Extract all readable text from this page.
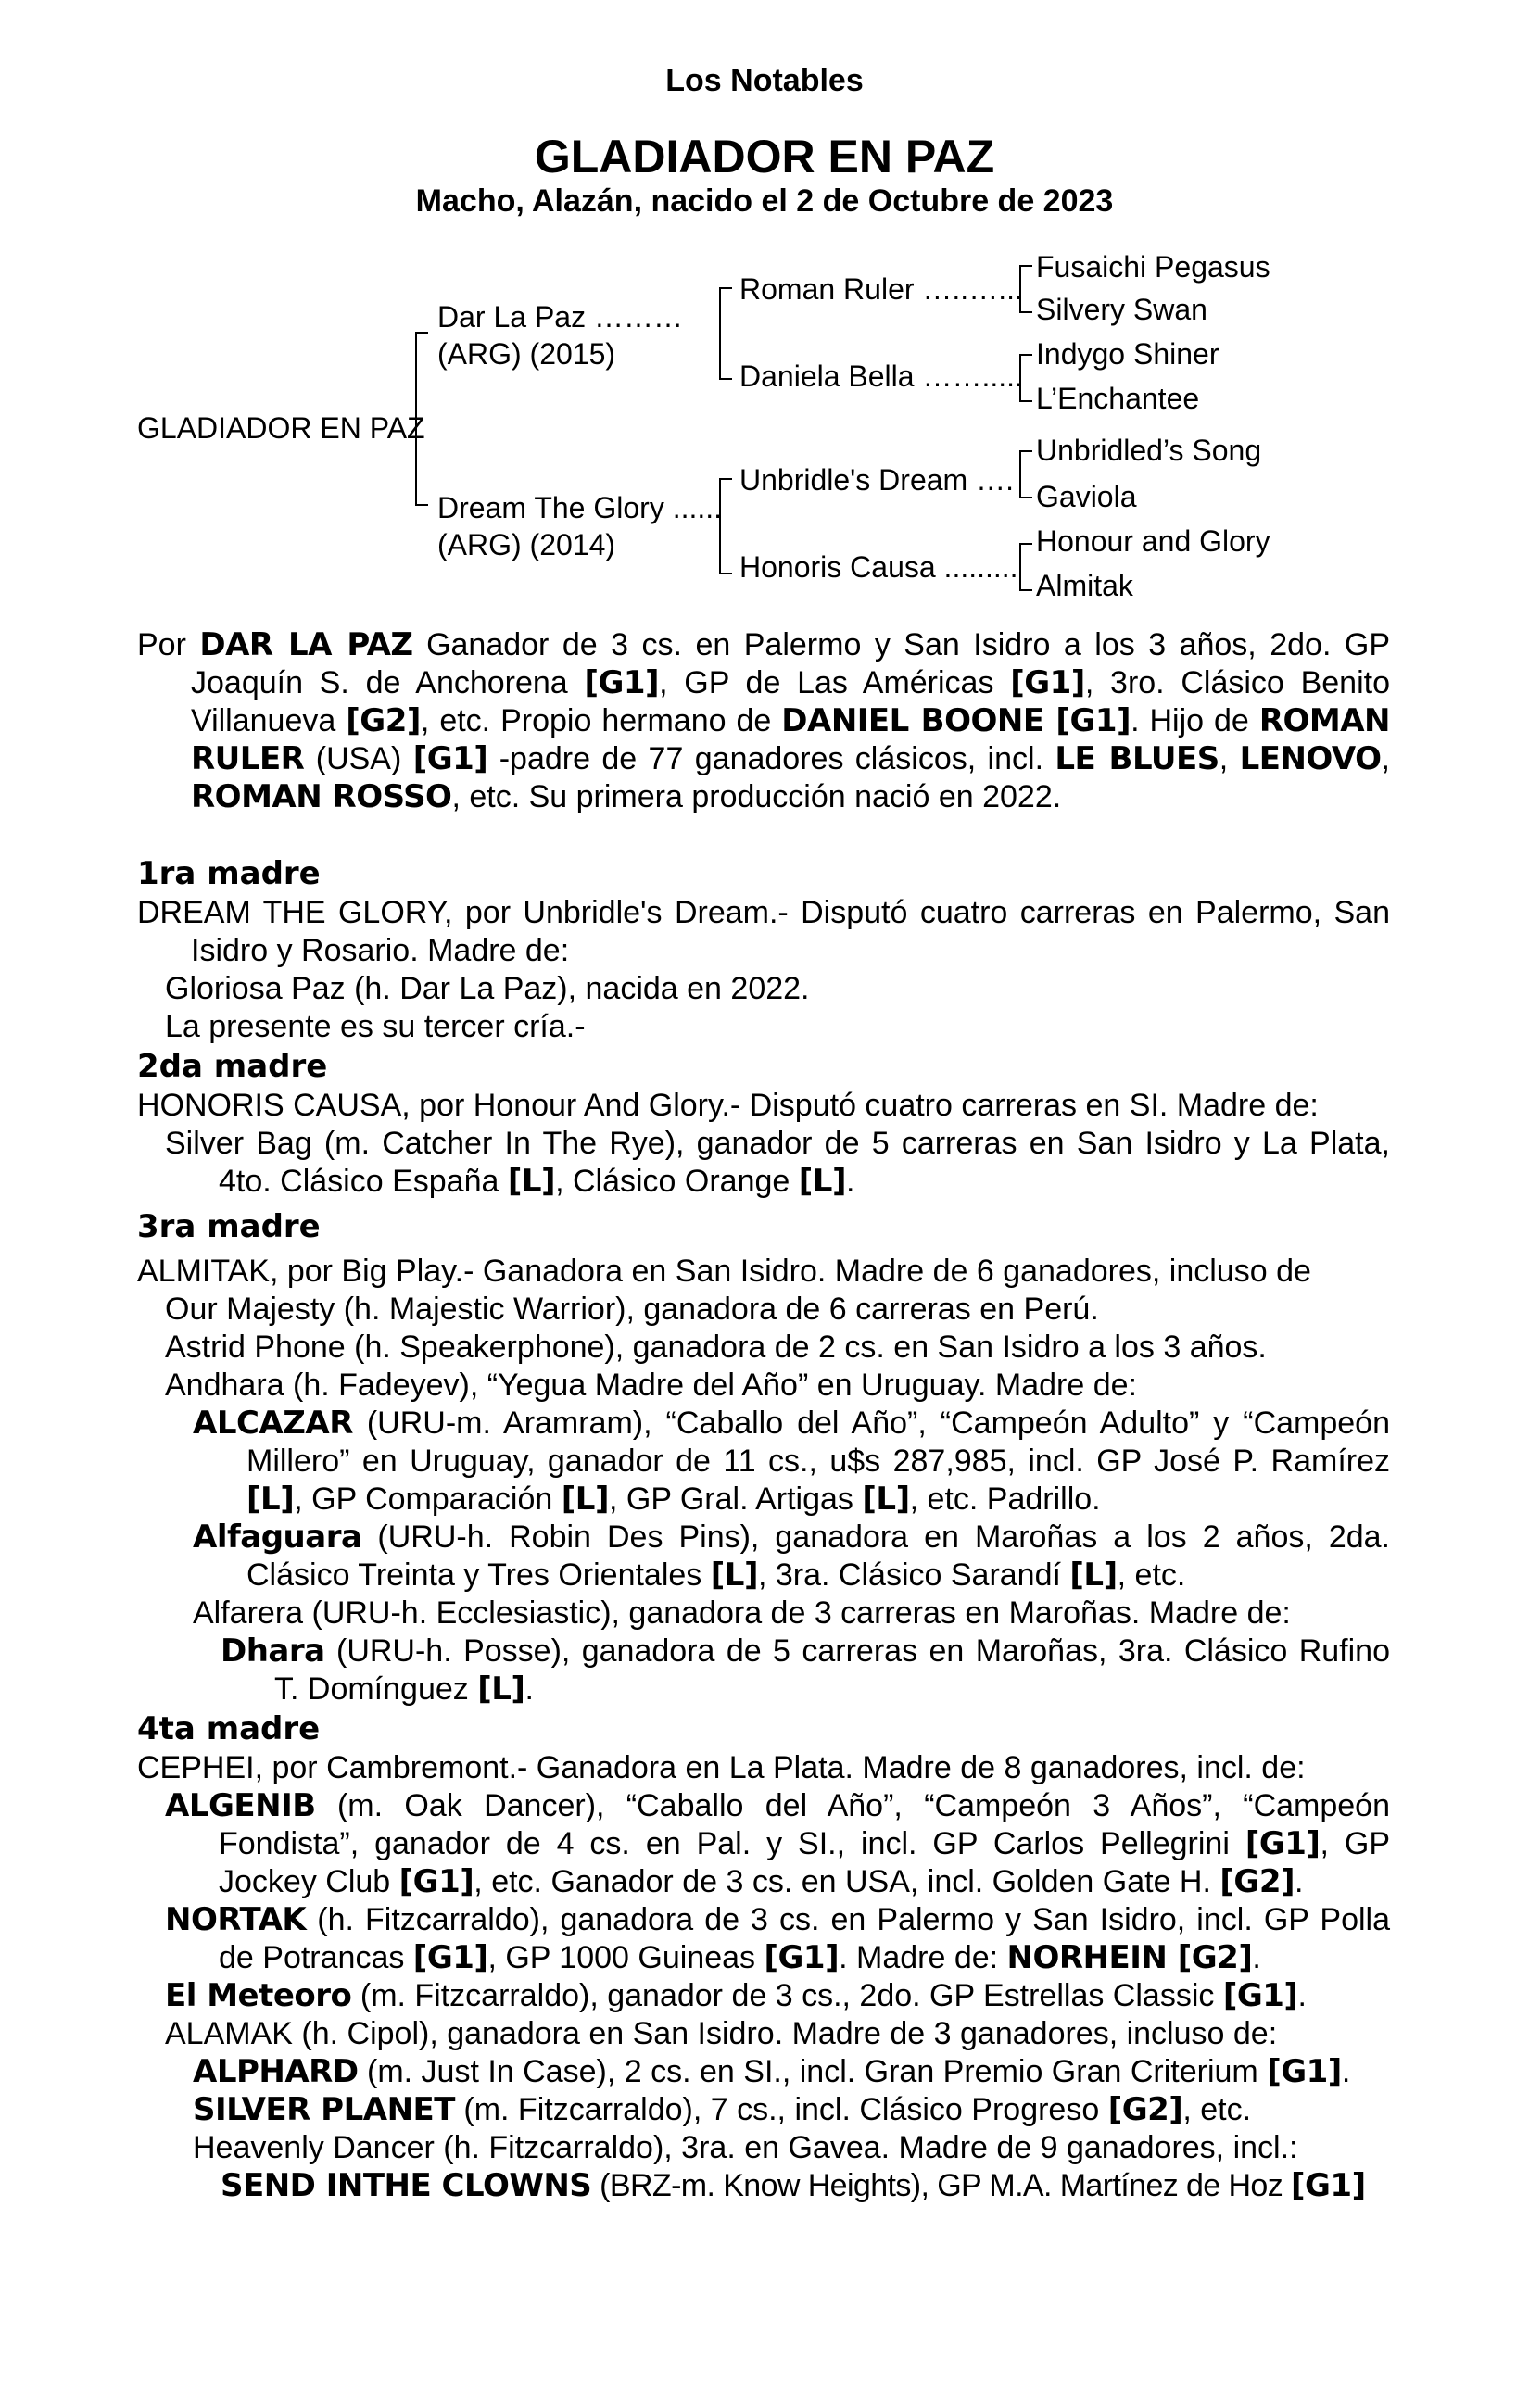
Los Notables
GLADIADOR EN PAZ
Macho, Alazán, nacido el 2 de Octubre de 2023
GLADIADOR EN PAZ
Dar La Paz ………
(ARG) (2015)
Dream The Glory ......
(ARG) (2014)
Roman Ruler …..…...
Daniela Bella …….....
Unbridle's Dream ….
Honoris Causa .........
Fusaichi Pegasus
Silvery Swan
Indygo Shiner
L’Enchantee
Unbridled’s Song
Gaviola
Honour and Glory
Almitak

Por DAR LA PAZ Ganador de 3 cs. en Palermo y San Isidro a los 3 años, 2do. GP Joaquín S. de Anchorena [G1], GP de Las Américas [G1], 3ro. Clásico Benito Villanueva [G2], etc. Propio hermano de DANIEL BOONE [G1]. Hijo de ROMAN RULER (USA) [G1] -padre de 77 ganadores clásicos, incl. LE BLUES, LENOVO, ROMAN ROSSO, etc. Su primera producción nació en 2022.

1ra madre

DREAM THE GLORY, por Unbridle's Dream.- Disputó cuatro carreras en Palermo, San Isidro y Rosario. Madre de:

Gloriosa Paz (h. Dar La Paz), nacida en 2022.

La presente es su tercer cría.-

2da madre

HONORIS CAUSA, por Honour And Glory.- Disputó cuatro carreras en SI. Madre de:

Silver Bag (m. Catcher In The Rye), ganador de 5 carreras en San Isidro y La Plata, 4to. Clásico España [L], Clásico Orange [L].

3ra madre

ALMITAK, por Big Play.- Ganadora en San Isidro. Madre de 6 ganadores, incluso de

Our Majesty (h. Majestic Warrior), ganadora de 6 carreras en Perú.

Astrid Phone (h. Speakerphone), ganadora de 2 cs. en San Isidro a los 3 años.

Andhara (h. Fadeyev), “Yegua Madre del Año” en Uruguay. Madre de:

ALCAZAR (URU-m. Aramram), “Caballo del Año”, “Campeón Adulto” y “Campeón Millero” en Uruguay, ganador de 11 cs., u$s 287,985, incl. GP José P. Ramírez [L], GP Comparación [L], GP Gral. Artigas [L], etc. Padrillo.

Alfaguara (URU-h. Robin Des Pins), ganadora en Maroñas a los 2 años, 2da. Clásico Treinta y Tres Orientales [L], 3ra. Clásico Sarandí [L], etc.

Alfarera (URU-h. Ecclesiastic), ganadora de 3 carreras en Maroñas. Madre de:

Dhara (URU-h. Posse), ganadora de 5 carreras en Maroñas, 3ra. Clásico Rufino T. Domínguez [L].

4ta madre

CEPHEI, por Cambremont.- Ganadora en La Plata. Madre de 8 ganadores, incl. de:

ALGENIB (m. Oak Dancer), “Caballo del Año”, “Campeón 3 Años”, “Campeón Fondista”, ganador de 4 cs. en Pal. y SI., incl. GP Carlos Pellegrini [G1], GP Jockey Club [G1], etc. Ganador de 3 cs. en USA, incl. Golden Gate H. [G2].

NORTAK (h. Fitzcarraldo), ganadora de 3 cs. en Palermo y San Isidro, incl. GP Polla de Potrancas [G1], GP 1000 Guineas [G1]. Madre de: NORHEIN [G2].

El Meteoro (m. Fitzcarraldo), ganador de 3 cs., 2do. GP Estrellas Classic [G1].

ALAMAK (h. Cipol), ganadora en San Isidro. Madre de 3 ganadores, incluso de:

ALPHARD (m. Just In Case), 2 cs. en SI., incl. Gran Premio Gran Criterium [G1].

SILVER PLANET (m. Fitzcarraldo), 7 cs., incl. Clásico Progreso [G2], etc.

Heavenly Dancer (h. Fitzcarraldo), 3ra. en Gavea. Madre de 9 ganadores, incl.:

SEND INTHE CLOWNS (BRZ-m. Know Heights), GP M.A. Martínez de Hoz [G1]
